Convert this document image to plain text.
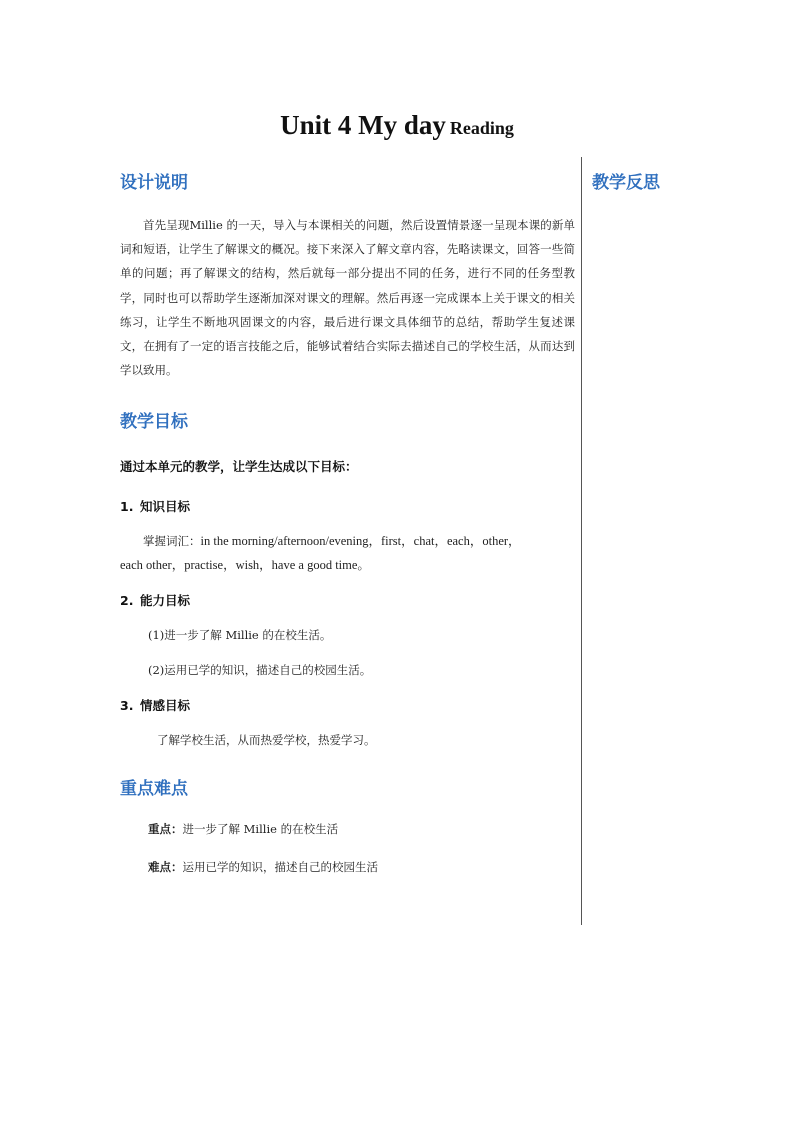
Unit 4 My day Reading
教学反思
设计说明

首先呈现Millie 的一天，导入与本课相关的问题，然后设置情景逐一呈现本课的新单词和短语，让学生了解课文的概况。接下来深入了解文章内容，先略读课文，回答一些简单的问题；再了解课文的结构，然后就每一部分提出不同的任务，进行不同的任务型教学，同时也可以帮助学生逐渐加深对课文的理解。然后再逐一完成课本上关于课文的相关练习，让学生不断地巩固课文的内容，最后进行课文具体细节的总结，帮助学生复述课文，在拥有了一定的语言技能之后，能够试着结合实际去描述自己的学校生活，从而达到学以致用。

教学目标

通过本单元的教学，让学生达成以下目标：

1. 知识目标

掌握词汇：in the morning/afternoon/evening，first，chat，each，other，

each other，practise，wish，have a good time。

2. 能力目标

(1)进一步了解 Millie 的在校生活。

(2)运用已学的知识，描述自己的校园生活。

3. 情感目标

了解学校生活，从而热爱学校，热爱学习。

重点难点

重点：进一步了解 Millie 的在校生活

难点：运用已学的知识，描述自己的校园生活
